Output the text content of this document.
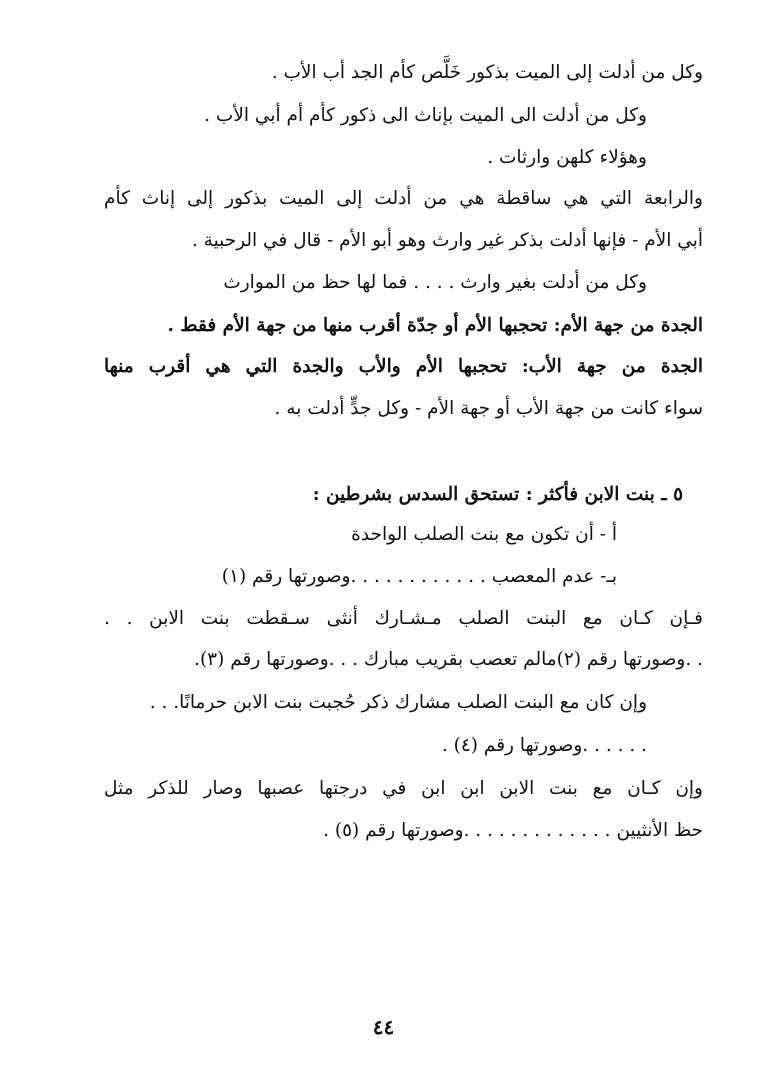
وكل من أدلت إلى الميت بذكور خَلَّص كأم الجد أب الأب .
وكل من أدلت الى الميت بإناث الى ذكور كأم أم أبي الأب .
وهؤلاء كلهن وارثات .
والرابعة التي هي ساقطة هي من أدلت إلى الميت بذكور إلى إناث كأم
أبي الأم - فإنها أدلت بذكر غير وارث وهو أبو الأم - قال في الرحبية .
وكل من أدلت بغير وارث . . . . فما لها حظ من الموارث
الجدة من جهة الأم: تحجبها الأم أو جدّة أقرب منها من جهة الأم فقط .
الجدة من جهة الأب: تحجبها الأم والأب والجدة التي هي أقرب منها
سواء كانت من جهة الأب أو جهة الأم - وكل جدٍّ أدلت به .
٥ ـ بنت الابن فأكثر : تستحق السدس بشرطين :
أ - أن تكون مع بنت الصلب الواحدة
بـ- عدم المعصب . . . . . . . . . . . .وصورتها رقم (١)
فـإن كـان مع البنت الصلب مـشـارك أنثى سـقطت بنت الابن . .
. .وصورتها رقم (٢)مالم تعصب بقريب مبارك . . .وصورتها رقم (٣).
وإن كان مع البنت الصلب مشارك ذكر حُجبت بنت الابن حرمانًا. . .
. . . . . .وصورتها رقم (٤) .
وإن كـان مع بنت الابن ابن ابن في درجتها عصبها وصار للذكر مثل
حظ الأنثيين . . . . . . . . . . . . .وصورتها رقم (٥) .
٤٤
